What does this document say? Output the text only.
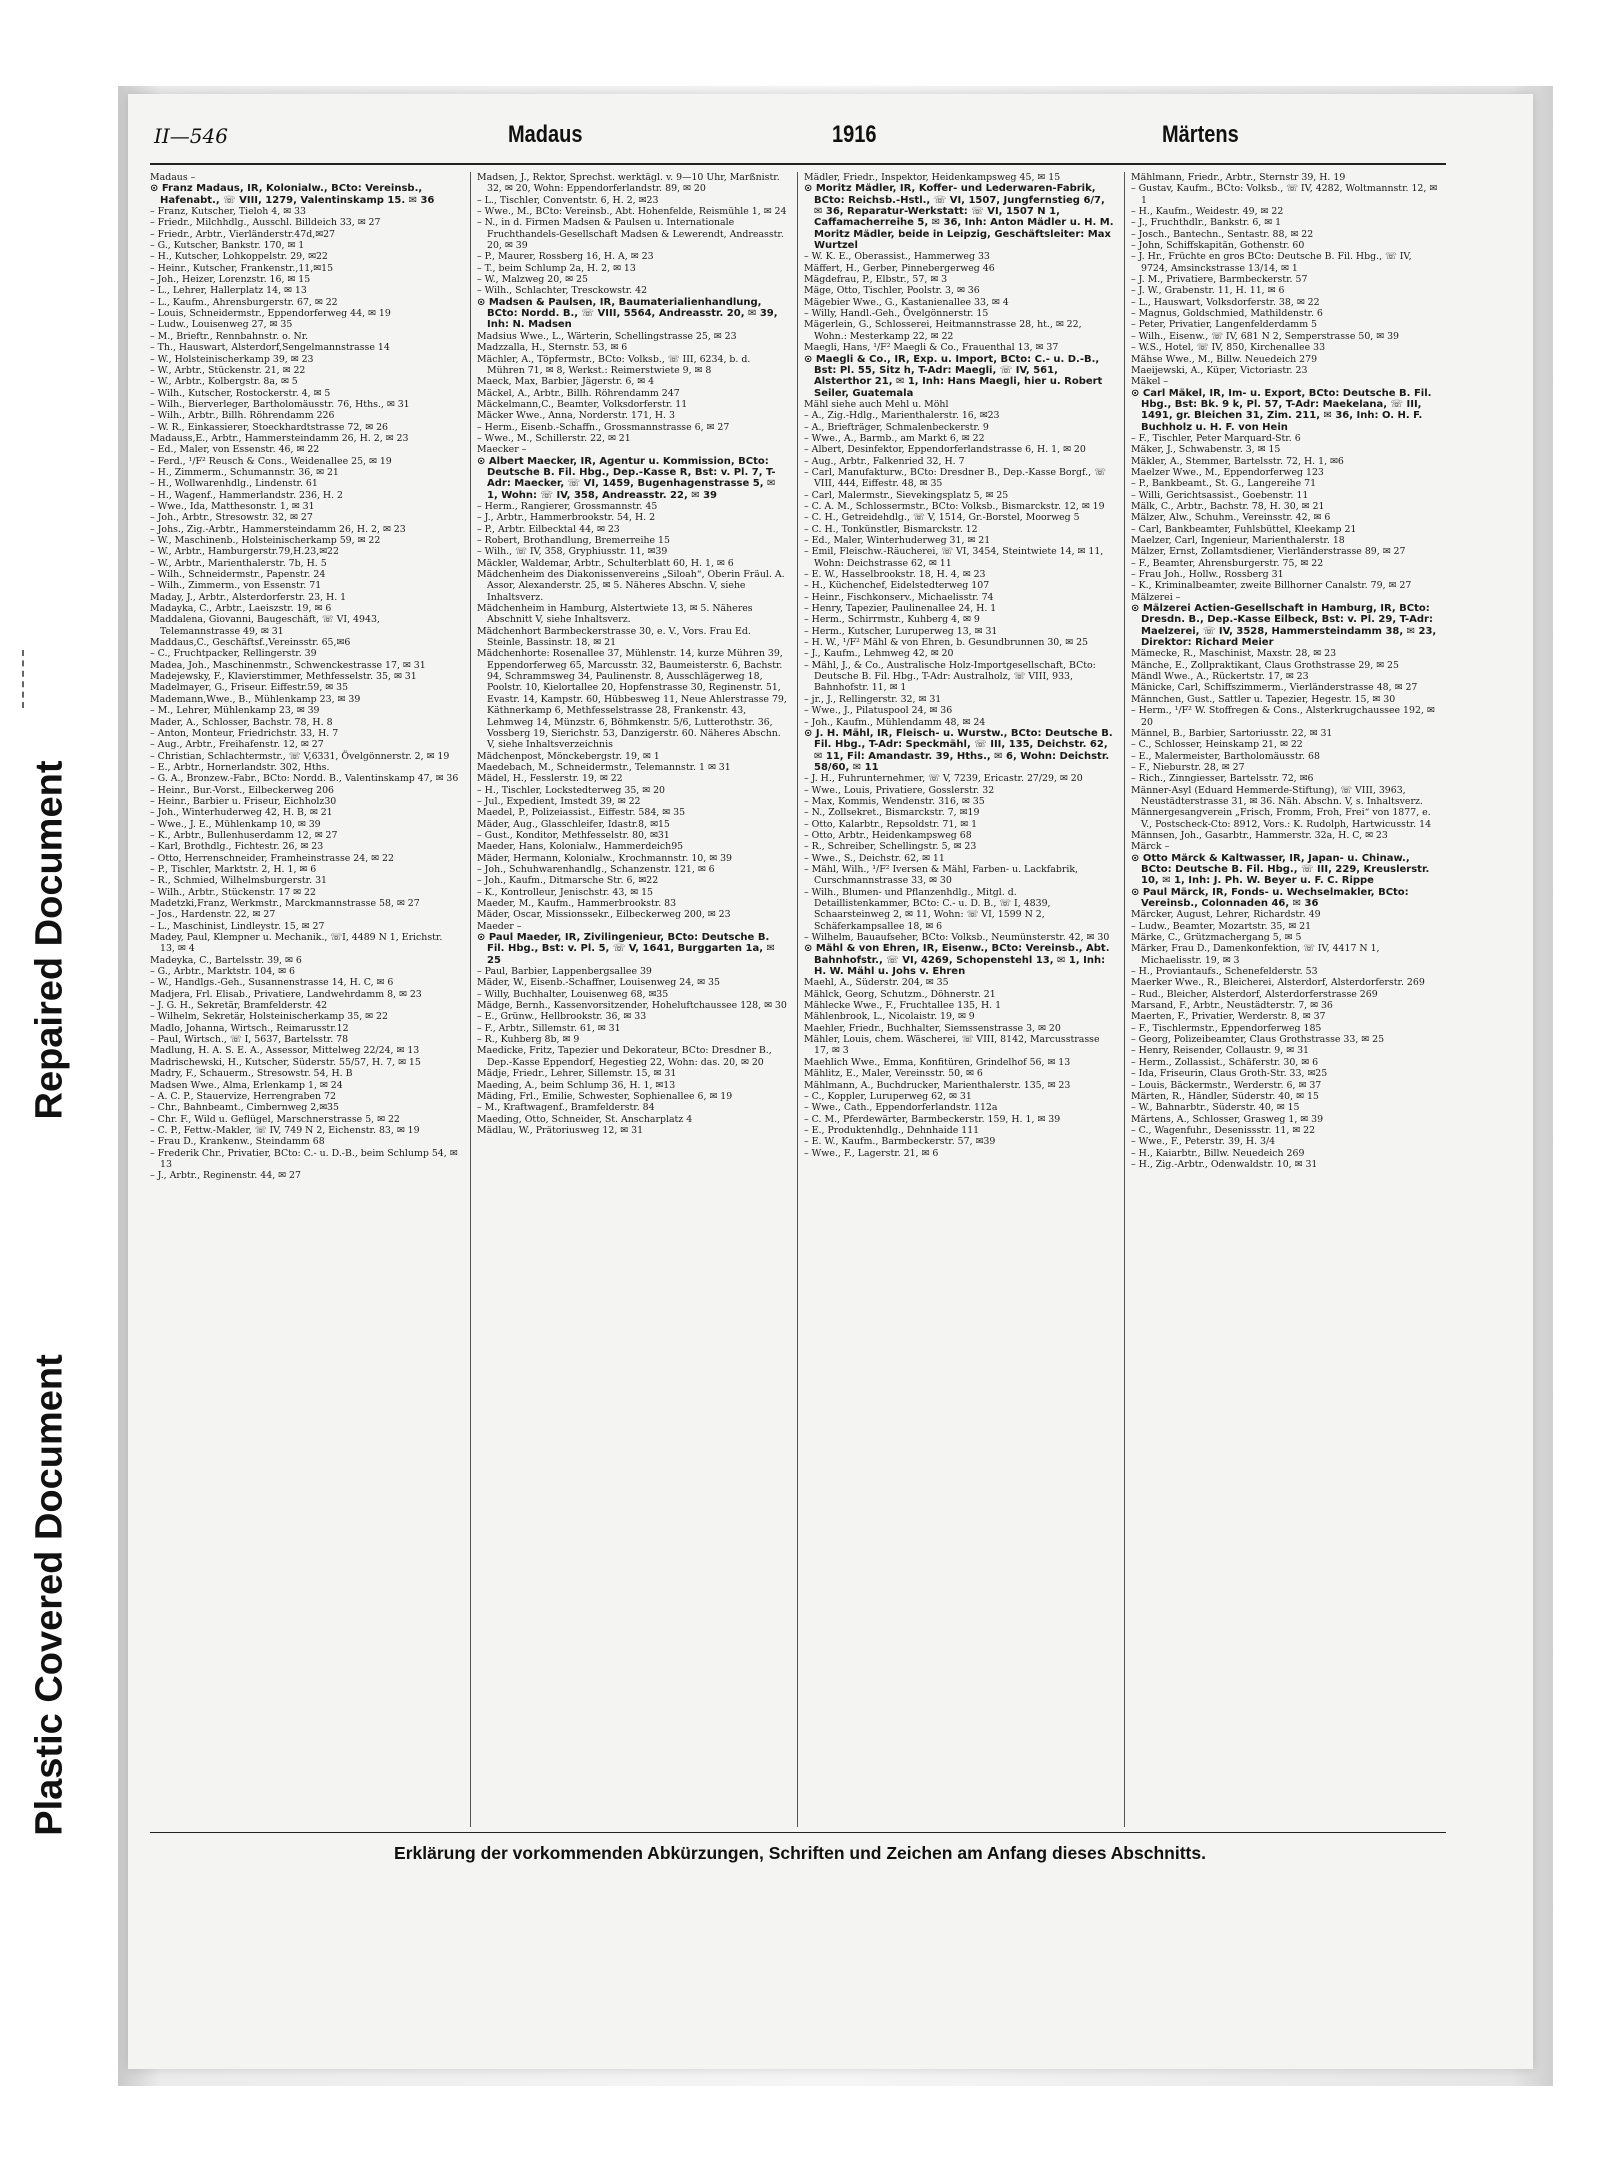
Repaired Document
Plastic Covered Document
II—546	Madaus	1916	Märtens
Madaus –
⊙ Franz Madaus, IR, Kolonialw., BCto: Vereinsb., Hafenabt., ☏ VIII, 1279, Valentinskamp 15. ✉ 36
– Franz, Kutscher, Tieloh 4, ✉ 33
– Friedr., Milchhdlg., Ausschl. Billdeich 33, ✉ 27
– Friedr., Arbtr., Vierländerstr.47d,✉27
– G., Kutscher, Bankstr. 170, ✉ 1
– H., Kutscher, Lohkoppelstr. 29, ✉22
– Heinr., Kutscher, Frankenstr.,11,✉15
– Joh., Heizer, Lorenzstr. 16, ✉ 15
– L., Lehrer, Hallerplatz 14, ✉ 13
– L., Kaufm., Ahrensburgerstr. 67, ✉ 22
– Louis, Schneidermstr., Eppendorferweg 44, ✉ 19
– Ludw., Louisenweg 27, ✉ 35
– M., Brieftr., Rennbahnstr. o. Nr.
– Th., Hauswart, Alsterdorf,Sengelmannstrasse 14
– W., Holsteinischerkamp 39, ✉ 23
– W., Arbtr., Stückenstr. 21, ✉ 22
– W., Arbtr., Kolbergstr. 8a, ✉ 5
– Wilh., Kutscher, Rostockerstr. 4, ✉ 5
– Wilh., Bierverleger, Bartholomäusstr. 76, Hths., ✉ 31
– Wilh., Arbtr., Billh. Röhrendamm 226
– W. R., Einkassierer, Stoeckhardtstrasse 72, ✉ 26
Madauss,E., Arbtr., Hammersteindamm 26, H. 2, ✉ 23
– Ed., Maler, von Essenstr. 46, ✉ 22
– Ferd., ¹/F² Reusch & Cons., Weidenallee 25, ✉ 19
– H., Zimmerm., Schumannstr. 36, ✉ 21
– H., Wollwarenhdlg., Lindenstr. 61
– H., Wagenf., Hammerlandstr. 236, H. 2
– Wwe., Ida, Matthesonstr. 1, ✉ 31
– Joh., Arbtr., Stresowstr. 32, ✉ 27
– Johs., Zig.-Arbtr., Hammersteindamm 26, H. 2, ✉ 23
– W., Maschinenb., Holsteinischerkamp 59, ✉ 22
– W., Arbtr., Hamburgerstr.79,H.23,✉22
– W., Arbtr., Marienthalerstr. 7b, H. 5
– Wilh., Schneidermstr., Papenstr. 24
– Wilh., Zimmerm., von Essenstr. 71
Maday, J., Arbtr., Alsterdorferstr. 23, H. 1
Madayka, C., Arbtr., Laeiszstr. 19, ✉ 6
Maddalena, Giovanni, Baugeschäft, ☏ VI, 4943, Telemannstrasse 49, ✉ 31
Maddaus,C., Geschäftsf.,Vereinsstr. 65,✉6
– C., Fruchtpacker, Rellingerstr. 39
Madea, Joh., Maschinenmstr., Schwenckestrasse 17, ✉ 31
Madejewsky, F., Klavierstimmer, Methfesselstr. 35, ✉ 31
Madelmayer, G., Friseur. Eiffestr.59, ✉ 35
Mademann,Wwe., B., Mühlenkamp 23, ✉ 39
– M., Lehrer, Mühlenkamp 23, ✉ 39
Mader, A., Schlosser, Bachstr. 78, H. 8
– Anton, Monteur, Friedrichstr. 33, H. 7
– Aug., Arbtr., Freihafenstr. 12, ✉ 27
– Christian, Schlachtermstr., ☏ V,6331, Övelgönnerstr. 2, ✉ 19
– E., Arbtr., Hornerlandstr. 302, Hths.
– G. A., Bronzew.-Fabr., BCto: Nordd. B., Valentinskamp 47, ✉ 36
– Heinr., Bur.-Vorst., Eilbeckerweg 206
– Heinr., Barbier u. Friseur, Eichholz30
– Joh., Winterhuderweg 42, H. B, ✉ 21
– Wwe., J. E., Mühlenkamp 10, ✉ 39
– K., Arbtr., Bullenhuserdamm 12, ✉ 27
– Karl, Brothdlg., Fichtestr. 26, ✉ 23
– Otto, Herrenschneider, Framheinstrasse 24, ✉ 22
– P., Tischler, Marktstr. 2, H. 1, ✉ 6
– R., Schmied, Wilhelmsburgerstr. 31
– Wilh., Arbtr., Stückenstr. 17 ✉ 22
Madetzki,Franz, Werkmstr., Marckmannstrasse 58, ✉ 27
– Jos., Hardenstr. 22, ✉ 27
– L., Maschinist, Lindleystr. 15, ✉ 27
Madey, Paul, Klempner u. Mechanik., ☏I, 4489 N 1, Erichstr. 13, ✉ 4
Madeyka, C., Bartelsstr. 39, ✉ 6
– G., Arbtr., Marktstr. 104, ✉ 6
– W., Handlgs.-Geh., Susannenstrasse 14, H. C, ✉ 6
Madjera, Frl. Elisab., Privatiere, Landwehrdamm 8, ✉ 23
– J. G. H., Sekretär, Bramfelderstr. 42
– Wilhelm, Sekretär, Holsteinischerkamp 35, ✉ 22
Madlo, Johanna, Wirtsch., Reimarusstr.12
– Paul, Wirtsch., ☏ I, 5637, Bartelsstr. 78
Madlung, H. A. S. E. A., Assessor, Mittelweg 22/24, ✉ 13
Madrischewski, H., Kutscher, Süderstr. 55/57, H. 7, ✉ 15
Madry, F., Schauerm., Stresowstr. 54, H. B
Madsen Wwe., Alma, Erlenkamp 1, ✉ 24
– A. C. P., Stauervize, Herrengraben 72
– Chr., Bahnbeamt., Cimbernweg 2,✉35
– Chr. F., Wild u. Geflügel, Marschnerstrasse 5, ✉ 22
– C. P., Fettw.-Makler, ☏ IV, 749 N 2, Eichenstr. 83, ✉ 19
– Frau D., Krankenw., Steindamm 68
– Frederik Chr., Privatier, BCto: C.- u. D.-B., beim Schlump 54, ✉ 13
– J., Arbtr., Reginenstr. 44, ✉ 27
Madsen, J., Rektor, Sprechst. werktägl. v. 9—10 Uhr, Marßnistr. 32, ✉ 20, Wohn: Eppendorferlandstr. 89, ✉ 20
– L., Tischler, Conventstr. 6, H. 2, ✉23
– Wwe., M., BCto: Vereinsb., Abt. Hohenfelde, Reismühle 1, ✉ 24
– N., in d. Firmen Madsen & Paulsen u. Internationale Fruchthandels-Gesellschaft Madsen & Lewerendt, Andreasstr. 20, ✉ 39
– P., Maurer, Rossberg 16, H. A, ✉ 23
– T., beim Schlump 2a, H. 2, ✉ 13
– W., Malzweg 20, ✉ 25
– Wilh., Schlachter, Tresckowstr. 42
⊙ Madsen & Paulsen, IR, Baumaterialienhandlung, BCto: Nordd. B., ☏ VIII, 5564, Andreasstr. 20, ✉ 39, Inh: N. Madsen
Madsius Wwe., L., Wärterin, Schellingstrasse 25, ✉ 23
Madzzalla, H., Sternstr. 53, ✉ 6
Mächler, A., Töpfermstr., BCto: Volksb., ☏ III, 6234, b. d. Mühren 71, ✉ 8, Werkst.: Reimerstwiete 9, ✉ 8
Maeck, Max, Barbier, Jägerstr. 6, ✉ 4
Mäckel, A., Arbtr., Billh. Röhrendamm 247
Mäckelmann,C., Beamter, Volksdorferstr. 11
Mäcker Wwe., Anna, Norderstr. 171, H. 3
– Herm., Eisenb.-Schaffn., Grossmannstrasse 6, ✉ 27
– Wwe., M., Schillerstr. 22, ✉ 21
Maecker –
⊙ Albert Maecker, IR, Agentur u. Kommission, BCto: Deutsche B. Fil. Hbg., Dep.-Kasse R, Bst: v. Pl. 7, T-Adr: Maecker, ☏ VI, 1459, Bugenhagenstrasse 5, ✉ 1, Wohn: ☏ IV, 358, Andreasstr. 22, ✉ 39
– Herm., Rangierer, Grossmannstr. 45
– J., Arbtr., Hammerbrookstr. 54, H. 2
– P., Arbtr. Eilbecktal 44, ✉ 23
– Robert, Brothandlung, Bremerreihe 15
– Wilh., ☏ IV, 358, Gryphiusstr. 11, ✉39
Mäckler, Waldemar, Arbtr., Schulterblatt 60, H. 1, ✉ 6
Mädchenheim des Diakonissenvereins „Siloah“, Oberin Fräul. A. Assor, Alexanderstr. 25, ✉ 5. Näheres Abschn. V, siehe Inhaltsverz.
Mädchenheim in Hamburg, Alstertwiete 13, ✉ 5. Näheres Abschnitt V, siehe Inhaltsverz.
Mädchenhort Barmbeckerstrasse 30, e. V., Vors. Frau Ed. Steinle, Bassinstr. 18, ✉ 21
Mädchenhorte: Rosenallee 37, Mühlenstr. 14, kurze Mühren 39, Eppendorferweg 65, Marcusstr. 32, Baumeisterstr. 6, Bachstr. 94, Schrammsweg 34, Paulinenstr. 8, Ausschlägerweg 18, Poolstr. 10, Kielortallee 20, Hopfenstrasse 30, Reginenstr. 51, Evastr. 14, Kampstr. 60, Hübbesweg 11, Neue Ahlerstrasse 79, Käthnerkamp 6, Methfesselstrasse 28, Frankenstr. 43, Lehmweg 14, Münzstr. 6, Böhmkenstr. 5/6, Lutterothstr. 36, Vossberg 19, Sierichstr. 53, Danzigerstr. 60. Näheres Abschn. V, siehe Inhaltsverzeichnis
Mädchenpost, Mönckebergstr. 19, ✉ 1
Maedebach, M., Schneidermstr., Telemannstr. 1 ✉ 31
Mädel, H., Fesslerstr. 19, ✉ 22
– H., Tischler, Lockstedterweg 35, ✉ 20
– Jul., Expedient, Imstedt 39, ✉ 22
Maedel, P., Polizeiassist., Eiffestr. 584, ✉ 35
Mäder, Aug., Glasschleifer, Idastr.8, ✉15
– Gust., Konditor, Methfesselstr. 80, ✉31
Maeder, Hans, Kolonialw., Hammerdeich95
Mäder, Hermann, Kolonialw., Krochmannstr. 10, ✉ 39
– Joh., Schuhwarenhandlg., Schanzenstr. 121, ✉ 6
– Joh., Kaufm., Ditmarsche Str. 6, ✉22
– K., Kontrolleur, Jenischstr. 43, ✉ 15
Maeder, M., Kaufm., Hammerbrookstr. 83
Mäder, Oscar, Missionssekr., Eilbeckerweg 200, ✉ 23
Maeder –
⊙ Paul Maeder, IR, Zivilingenieur, BCto: Deutsche B. Fil. Hbg., Bst: v. Pl. 5, ☏ V, 1641, Burggarten 1a, ✉ 25
– Paul, Barbier, Lappenbergsallee 39
Mäder, W., Eisenb.-Schaffner, Louisenweg 24, ✉ 35
– Willy, Buchhalter, Louisenweg 68, ✉35
Mädge, Bernh., Kassenvorsitzender, Hoheluftchaussee 128, ✉ 30
– E., Grünw., Hellbrookstr. 36, ✉ 33
– F., Arbtr., Sillemstr. 61, ✉ 31
– R., Kuhberg 8b, ✉ 9
Maedicke, Fritz, Tapezier und Dekorateur, BCto: Dresdner B., Dep.-Kasse Eppendorf, Hegestieg 22, Wohn: das. 20, ✉ 20
Mädje, Friedr., Lehrer, Sillemstr. 15, ✉ 31
Maeding, A., beim Schlump 36, H. 1, ✉13
Mäding, Frl., Emilie, Schwester, Sophienallee 6, ✉ 19
– M., Kraftwagenf., Bramfelderstr. 84
Maeding, Otto, Schneider, St. Anscharplatz 4
Mädlau, W., Prätoriusweg 12, ✉ 31
Mädler, Friedr., Inspektor, Heidenkampsweg 45, ✉ 15
⊙ Moritz Mädler, IR, Koffer- und Lederwaren-Fabrik, BCto: Reichsb.-Hstl., ☏ VI, 1507, Jungfernstieg 6/7, ✉ 36, Reparatur-Werkstatt: ☏ VI, 1507 N 1, Caffamacherreihe 5, ✉ 36, Inh: Anton Mädler u. H. M. Moritz Mädler, beide in Leipzig, Geschäftsleiter: Max Wurtzel
– W. K. E., Oberassist., Hammerweg 33
Mäffert, H., Gerber, Pinnebergerweg 46
Mägdefrau, P., Elbstr., 57, ✉ 3
Mäge, Otto, Tischler, Poolstr. 3, ✉ 36
Mägebier Wwe., G., Kastanienallee 33, ✉ 4
– Willy, Handl.-Geh., Övelgönnerstr. 15
Mägerlein, G., Schlosserei, Heitmannstrasse 28, ht., ✉ 22, Wohn.: Mesterkamp 22, ✉ 22
Maegli, Hans, ¹/F² Maegli & Co., Frauenthal 13, ✉ 37
⊙ Maegli & Co., IR, Exp. u. Import, BCto: C.- u. D.-B., Bst: Pl. 55, Sitz h, T-Adr: Maegli, ☏ IV, 561, Alsterthor 21, ✉ 1, Inh: Hans Maegli, hier u. Robert Seiler, Guatemala
Mähl siehe auch Mehl u. Möhl
– A., Zig.-Hdlg., Marienthalerstr. 16, ✉23
– A., Briefträger, Schmalenbeckerstr. 9
– Wwe., A., Barmb., am Markt 6, ✉ 22
– Albert, Desinfektor, Eppendorferlandstrasse 6, H. 1, ✉ 20
– Aug., Arbtr., Falkenried 32, H. 7
– Carl, Manufakturw., BCto: Dresdner B., Dep.-Kasse Borgf., ☏ VIII, 444, Eiffestr. 48, ✉ 35
– Carl, Malermstr., Sievekingsplatz 5, ✉ 25
– C. A. M., Schlossermstr., BCto: Volksb., Bismarckstr. 12, ✉ 19
– C. H., Getreidehdlg., ☏ V, 1514, Gr.-Borstel, Moorweg 5
– C. H., Tonkünstler, Bismarckstr. 12
– Ed., Maler, Winterhuderweg 31, ✉ 21
– Emil, Fleischw.-Räucherei, ☏ VI, 3454, Steintwiete 14, ✉ 11, Wohn: Deichstrasse 62, ✉ 11
– E. W., Hasselbrookstr. 18, H. 4, ✉ 23
– H., Küchenchef, Eidelstedterweg 107
– Heinr., Fischkonserv., Michaelisstr. 74
– Henry, Tapezier, Paulinenallee 24, H. 1
– Herm., Schirrmstr., Kuhberg 4, ✉ 9
– Herm., Kutscher, Luruperweg 13, ✉ 31
– H. W., ¹/F² Mähl & von Ehren, b. Gesundbrunnen 30, ✉ 25
– J., Kaufm., Lehmweg 42, ✉ 20
– Mähl, J., & Co., Australische Holz-Importgesellschaft, BCto: Deutsche B. Fil. Hbg., T-Adr: Australholz, ☏ VIII, 933, Bahnhofstr. 11, ✉ 1
– jr., J., Rellingerstr. 32, ✉ 31
– Wwe., J., Pilatuspool 24, ✉ 36
– Joh., Kaufm., Mühlendamm 48, ✉ 24
⊙ J. H. Mähl, IR, Fleisch- u. Wurstw., BCto: Deutsche B. Fil. Hbg., T-Adr: Speckmähl, ☏ III, 135, Deichstr. 62, ✉ 11, Fil: Amandastr. 39, Hths., ✉ 6, Wohn: Deichstr. 58/60, ✉ 11
– J. H., Fuhrunternehmer, ☏ V, 7239, Ericastr. 27/29, ✉ 20
– Wwe., Louis, Privatiere, Gosslerstr. 32
– Max, Kommis, Wendenstr. 316, ✉ 35
– N., Zollsekret., Bismarckstr. 7, ✉19
– Otto, Kalarbtr., Repsoldstr. 71, ✉ 1
– Otto, Arbtr., Heidenkampsweg 68
– R., Schreiber, Schellingstr. 5, ✉ 23
– Wwe., S., Deichstr. 62, ✉ 11
– Mähl, Wilh., ¹/F² Iversen & Mähl, Farben- u. Lackfabrik, Curschmannstrasse 33, ✉ 30
– Wilh., Blumen- und Pflanzenhdlg., Mitgl. d. Detaillistenkammer, BCto: C.- u. D. B., ☏ I, 4839, Schaarsteinweg 2, ✉ 11, Wohn: ☏ VI, 1599 N 2, Schäferkampsallee 18, ✉ 6
– Wilhelm, Bauaufseher, BCto: Volksb., Neumünsterstr. 42, ✉ 30
⊙ Mähl & von Ehren, IR, Eisenw., BCto: Vereinsb., Abt. Bahnhofstr., ☏ VI, 4269, Schopenstehl 13, ✉ 1, Inh: H. W. Mähl u. Johs v. Ehren
Maehl, A., Süderstr. 204, ✉ 35
Mählck, Georg, Schutzm., Döhnerstr. 21
Mählecke Wwe., F., Fruchtallee 135, H. 1
Mählenbrook, L., Nicolaistr. 19, ✉ 9
Maehler, Friedr., Buchhalter, Siemssenstrasse 3, ✉ 20
Mähler, Louis, chem. Wäscherei, ☏ VIII, 8142, Marcusstrasse 17, ✉ 3
Maehlich Wwe., Emma, Konfitüren, Grindelhof 56, ✉ 13
Mählitz, E., Maler, Vereinsstr. 50, ✉ 6
Mählmann, A., Buchdrucker, Marienthalerstr. 135, ✉ 23
– C., Koppler, Luruperweg 62, ✉ 31
– Wwe., Cath., Eppendorferlandstr. 112a
– C. M., Pferdewärter, Barmbeckerstr. 159, H. 1, ✉ 39
– E., Produktenhdlg., Dehnhaide 111
– E. W., Kaufm., Barmbeckerstr. 57, ✉39
– Wwe., F., Lagerstr. 21, ✉ 6
Mählmann, Friedr., Arbtr., Sternstr 39, H. 19
– Gustav, Kaufm., BCto: Volksb., ☏ IV, 4282, Woltmannstr. 12, ✉ 1
– H., Kaufm., Weidestr. 49, ✉ 22
– J., Fruchthdlr., Bankstr. 6, ✉ 1
– Josch., Bantechn., Sentastr. 88, ✉ 22
– John, Schiffskapitän, Gothenstr. 60
– J. Hr., Früchte en gros BCto: Deutsche B. Fil. Hbg., ☏ IV, 9724, Amsinckstrasse 13/14, ✉ 1
– J. M., Privatiere, Barmbeckerstr. 57
– J. W., Grabenstr. 11, H. 11, ✉ 6
– L., Hauswart, Volksdorferstr. 38, ✉ 22
– Magnus, Goldschmied, Mathildenstr. 6
– Peter, Privatier, Langenfelderdamm 5
– Wilh., Eisenw., ☏ IV, 681 N 2, Semperstrasse 50, ✉ 39
– W.S., Hotel, ☏ IV, 850, Kirchenallee 33
Mähse Wwe., M., Billw. Neuedeich 279
Maeijewski, A., Küper, Victoriastr. 23
Mäkel –
⊙ Carl Mäkel, IR, Im- u. Export, BCto: Deutsche B. Fil. Hbg., Bst: Bk. 9 k, Pl. 57, T-Adr: Maekelana, ☏ III, 1491, gr. Bleichen 31, Zim. 211, ✉ 36, Inh: O. H. F. Buchholz u. H. F. von Hein
– F., Tischler, Peter Marquard-Str. 6
Mäker, J., Schwabenstr. 3, ✉ 15
Mäkler, A., Stemmer, Bartelsstr. 72, H. 1, ✉6
Maelzer Wwe., M., Eppendorferweg 123
– P., Bankbeamt., St. G., Langereihe 71
– Willi, Gerichtsassist., Goebenstr. 11
Mälk, C., Arbtr., Bachstr. 78, H. 30, ✉ 21
Mälzer, Alw., Schuhm., Vereinsstr. 42, ✉ 6
– Carl, Bankbeamter, Fuhlsbüttel, Kleekamp 21
Maelzer, Carl, Ingenieur, Marienthalerstr. 18
Mälzer, Ernst, Zollamtsdiener, Vierländerstrasse 89, ✉ 27
– F., Beamter, Ahrensburgerstr. 75, ✉ 22
– Frau Joh., Hollw., Rossberg 31
– K., Kriminalbeamter, zweite Billhorner Canalstr. 79, ✉ 27
Mälzerei –
⊙ Mälzerei Actien-Gesellschaft in Hamburg, IR, BCto: Dresdn. B., Dep.-Kasse Eilbeck, Bst: v. Pl. 29, T-Adr: Maelzerei, ☏ IV, 3528, Hammersteindamm 38, ✉ 23, Direktor: Richard Meier
Mämecke, R., Maschinist, Maxstr. 28, ✉ 23
Mänche, E., Zollpraktikant, Claus Grothstrasse 29, ✉ 25
Mändl Wwe., A., Rückertstr. 17, ✉ 23
Mänicke, Carl, Schiffszimmerm., Vierländerstrasse 48, ✉ 27
Männchen, Gust., Sattler u. Tapezier, Hegestr. 15, ✉ 30
– Herm., ¹/F² W. Stoffregen & Cons., Alsterkrugchaussee 192, ✉ 20
Männel, B., Barbier, Sartoriusstr. 22, ✉ 31
– C., Schlosser, Heinskamp 21, ✉ 22
– E., Malermeister, Bartholomäusstr. 68
– F., Nieburstr. 28, ✉ 27
– Rich., Zinngiesser, Bartelsstr. 72, ✉6
Männer-Asyl (Eduard Hemmerde-Stiftung), ☏ VIII, 3963, Neustädterstrasse 31, ✉ 36. Näh. Abschn. V, s. Inhaltsverz.
Männergesangverein „Frisch, Fromm, Froh, Frei“ von 1877, e. V., Postscheck-Cto: 8912, Vors.: K. Rudolph, Hartwicusstr. 14
Männsen, Joh., Gasarbtr., Hammerstr. 32a, H. C, ✉ 23
Märck –
⊙ Otto Märck & Kaltwasser, IR, Japan- u. Chinaw., BCto: Deutsche B. Fil. Hbg., ☏ III, 229, Kreuslerstr. 10, ✉ 1, Inh: J. Ph. W. Beyer u. F. C. Rippe
⊙ Paul Märck, IR, Fonds- u. Wechselmakler, BCto: Vereinsb., Colonnaden 46, ✉ 36
Märcker, August, Lehrer, Richardstr. 49
– Ludw., Beamter, Mozartstr. 35, ✉ 21
Märke, C., Grützmachergang 5, ✉ 5
Märker, Frau D., Damenkonfektion, ☏ IV, 4417 N 1, Michaelisstr. 19, ✉ 3
– H., Proviantaufs., Schenefelderstr. 53
Maerker Wwe., R., Bleicherei, Alsterdorf, Alsterdorferstr. 269
– Rud., Bleicher, Alsterdorf, Alsterdorferstrasse 269
Marsand, F., Arbtr., Neustädterstr. 7, ✉ 36
Maerten, F., Privatier, Werderstr. 8, ✉ 37
– F., Tischlermstr., Eppendorferweg 185
– Georg, Polizeibeamter, Claus Grothstrasse 33, ✉ 25
– Henry, Reisender, Collaustr. 9, ✉ 31
– Herm., Zollassist., Schäferstr. 30, ✉ 6
– Ida, Friseurin, Claus Groth-Str. 33, ✉25
– Louis, Bäckermstr., Werderstr. 6, ✉ 37
Märten, R., Händler, Süderstr. 40, ✉ 15
– W., Bahnarbtr., Süderstr. 40, ✉ 15
Märtens, A., Schlosser, Grasweg 1, ✉ 39
– C., Wagenfuhr., Desenissstr. 11, ✉ 22
– Wwe., F., Peterstr. 39, H. 3/4
– H., Kaiarbtr., Billw. Neuedeich 269
– H., Zig.-Arbtr., Odenwaldstr. 10, ✉ 31
Erklärung der vorkommenden Abkürzungen, Schriften und Zeichen am Anfang dieses Abschnitts.
